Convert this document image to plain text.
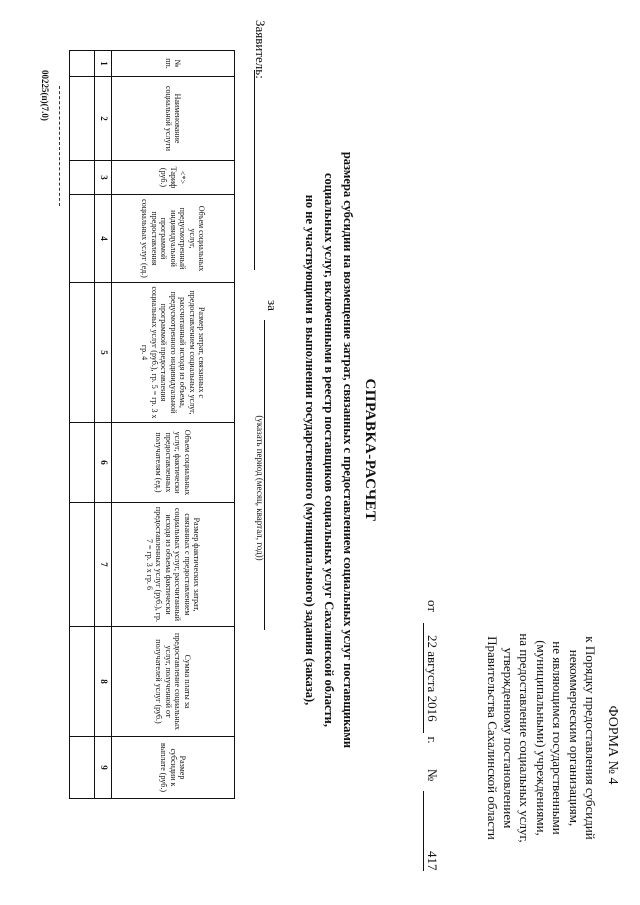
ФОРМА № 4
к Порядку предоставления субсидий
некоммерческим организациям,
не являющимся государственными
(муниципальными) учреждениями,
на предоставление социальных услуг,
утвержденному постановлением
Правительства Сахалинской области
от 22 августа 2016 г. № 417
СПРАВКА-РАСЧЕТ
размера субсидии на возмещение затрат, связанных с предоставлением социальных услуг поставщиками
социальных услуг, включенными в реестр поставщиков социальных услуг Сахалинской области,
но не участвующими в выполнении государственного (муниципального) задания (заказа),
за
(указать период (месяц, квартал, год))
Заявитель:
№ пп.	Наименование социальной услуги	<*> Тариф (руб.)	Объем социальных услуг, предусмотренный индивидуальной программой предоставления социальных услуг (ед.)	Размер затрат, связанных с предоставлением социальных услуг, рассчитанный исходя из объема, предусмотренного индивидуальной программой предоставления социальных услуг (руб.), гр. 5 = гр. 3 x гр. 4	Объем социальных услуг, фактически предоставленных получателям (ед.)	Размер фактических затрат, связанных с предоставлением социальных услуг, рассчитанный исходя из объема фактически предоставленных услуг (руб.), гр. 7 = гр. 3 x гр. 6	Сумма платы за предоставление социальных услуг, полученной от получателей услуг (руб.)	Размер субсидии к выплате (руб.)
1	2	3	4	5	6	7	8	9

00225(п)(7.0)
